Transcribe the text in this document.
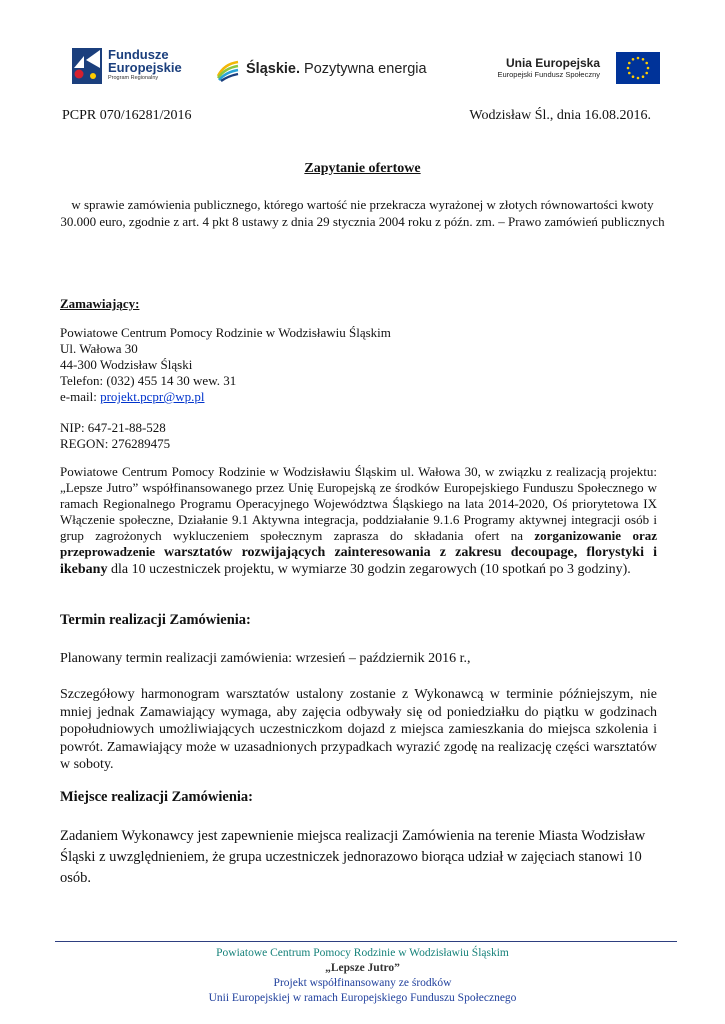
Fundusze
Europejskie
Program Regionalny
Śląskie. Pozytywna energia	Unia Europejska
Europejski Fundusz Społeczny
PCPR 070/16281/2016	Wodzisław Śl., dnia 16.08.2016.
Zapytanie ofertowe
w sprawie zamówienia publicznego, którego wartość nie przekracza wyrażonej w złotych równowartości kwoty 30.000 euro, zgodnie z art. 4 pkt 8 ustawy z dnia 29 stycznia 2004 roku z późn. zm. – Prawo zamówień publicznych
Zamawiający:
Powiatowe Centrum Pomocy Rodzinie w Wodzisławiu Śląskim
Ul. Wałowa 30
44-300 Wodzisław Śląski
Telefon: (032) 455 14 30 wew. 31
e-mail: projekt.pcpr@wp.pl
NIP: 647-21-88-528
REGON: 276289475

Powiatowe Centrum Pomocy Rodzinie w Wodzisławiu Śląskim ul. Wałowa 30, w związku z realizacją projektu: „Lepsze Jutro” współfinansowanego przez Unię Europejską ze środków Europejskiego Funduszu Społecznego w ramach Regionalnego Programu Operacyjnego Województwa Śląskiego na lata 2014-2020, Oś priorytetowa IX Włączenie społeczne, Działanie 9.1 Aktywna integracja, poddziałanie 9.1.6 Programy aktywnej integracji osób i grup zagrożonych wykluczeniem społecznym zaprasza do składania ofert na zorganizowanie oraz przeprowadzenie warsztatów rozwijających zainteresowania z zakresu decoupage, florystyki i ikebany dla 10 uczestniczek projektu, w wymiarze 30 godzin zegarowych (10 spotkań po 3 godziny).

Termin realizacji Zamówienia:
Planowany termin realizacji zamówienia: wrzesień – październik 2016 r.,

Szczegółowy harmonogram warsztatów ustalony zostanie z Wykonawcą w terminie późniejszym, nie mniej jednak Zamawiający wymaga, aby zajęcia odbywały się od poniedziałku do piątku w godzinach popołudniowych umożliwiających uczestniczkom dojazd z miejsca zamieszkania do miejsca szkolenia i powrót. Zamawiający może w uzasadnionych przypadkach wyrazić zgodę na realizację części warsztatów w soboty.

Miejsce realizacji Zamówienia:

Zadaniem Wykonawcy jest zapewnienie miejsca realizacji Zamówienia na terenie Miasta Wodzisław Śląski z uwzględnieniem, że grupa uczestniczek jednorazowo biorąca udział w zajęciach stanowi 10 osób.

Powiatowe Centrum Pomocy Rodzinie w Wodzisławiu Śląskim
„Lepsze Jutro”
Projekt współfinansowany ze środków
Unii Europejskiej w ramach Europejskiego Funduszu Społecznego
